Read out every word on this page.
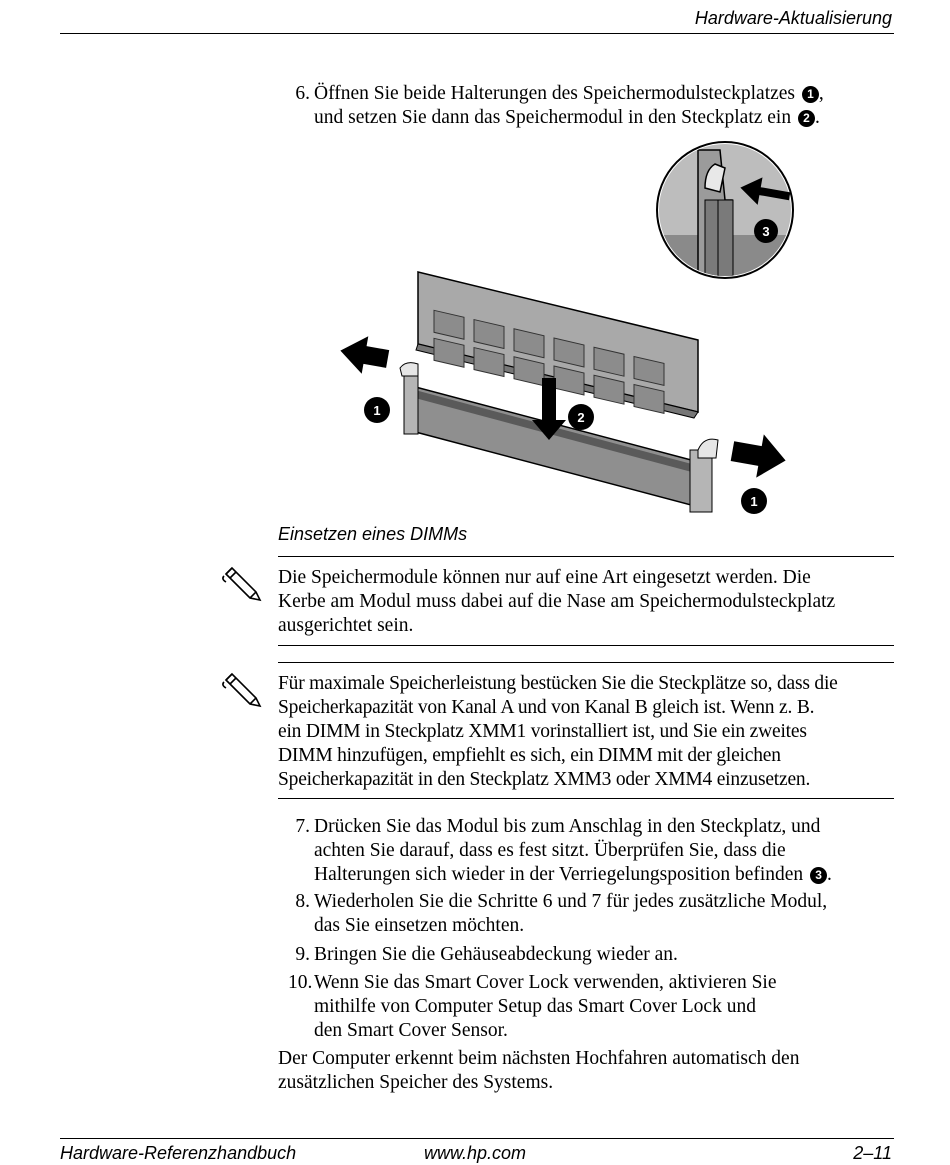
Hardware-Aktualisierung
6. Öffnen Sie beide Halterungen des Speichermodulsteckplatzes 1 ,
und setzen Sie dann das Speichermodul in den Steckplatz ein 2 .
3
1	2
1
Einsetzen eines DIMMs
Die Speichermodule können nur auf eine Art eingesetzt werden. Die
Kerbe am Modul muss dabei auf die Nase am Speichermodulsteckplatz
ausgerichtet sein.
Für maximale Speicherleistung bestücken Sie die Steckplätze so, dass die
Speicherkapazität von Kanal A und von Kanal B gleich ist. Wenn z. B.
ein DIMM in Steckplatz XMM1 vorinstalliert ist, und Sie ein zweites
DIMM hinzufügen, empfiehlt es sich, ein DIMM mit der gleichen
Speicherkapazität in den Steckplatz XMM3 oder XMM4 einzusetzen.
7. Drücken Sie das Modul bis zum Anschlag in den Steckplatz, und
achten Sie darauf, dass es fest sitzt. Überprüfen Sie, dass die
Halterungen sich wieder in der Verriegelungsposition befinden 3 .
8. Wiederholen Sie die Schritte 6 und 7 für jedes zusätzliche Modul,
das Sie einsetzen möchten.
9. Bringen Sie die Gehäuseabdeckung wieder an.
10. Wenn Sie das Smart Cover Lock verwenden, aktivieren Sie
mithilfe von Computer Setup das Smart Cover Lock und
den Smart Cover Sensor.
Der Computer erkennt beim nächsten Hochfahren automatisch den
zusätzlichen Speicher des Systems.
Hardware-Referenzhandbuch	www.hp.com	2–11
